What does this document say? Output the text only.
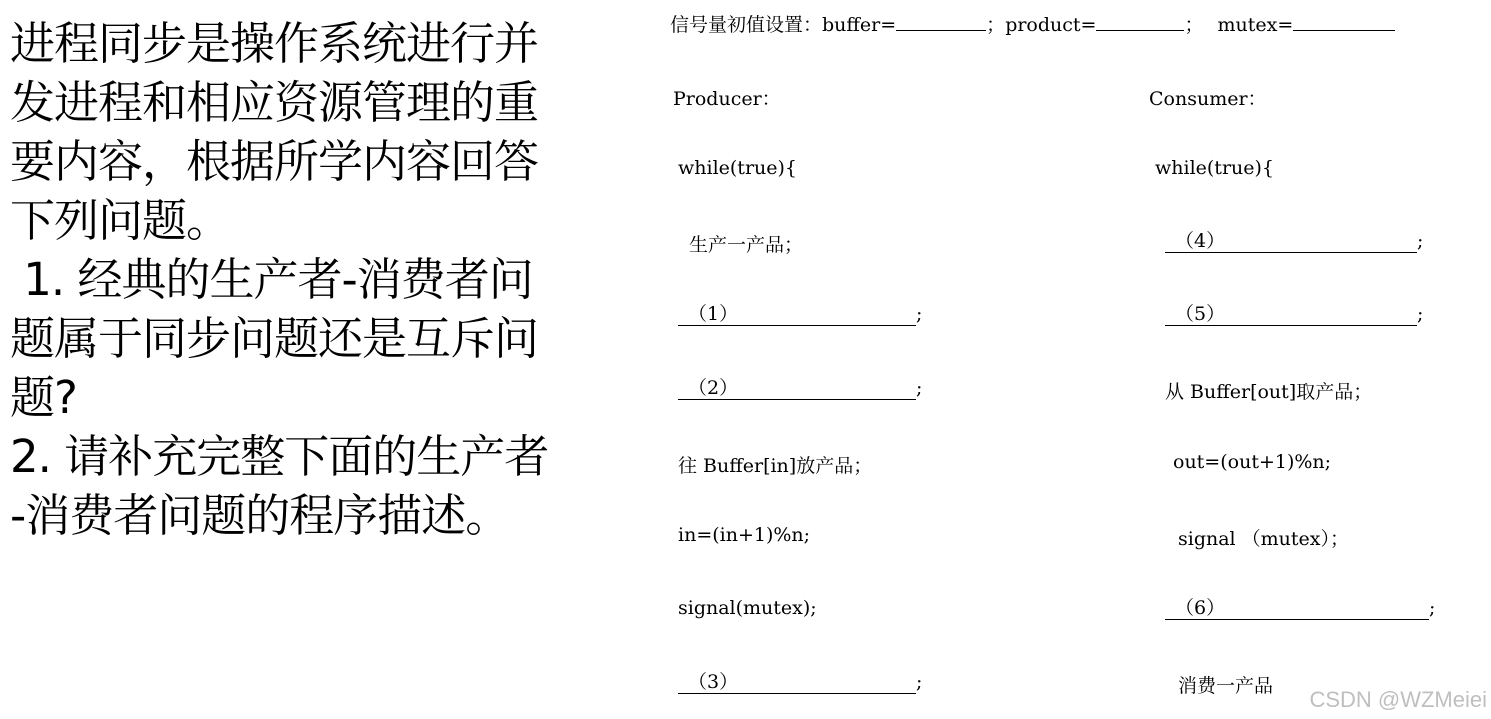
进程同步是操作系统进行并
发进程和相应资源管理的重
要内容，根据所学内容回答
下列问题。
1. 经典的生产者-消费者问
题属于同步问题还是互斥问
题?
2. 请补充完整下面的生产者
-消费者问题的程序描述。
信号量初值设置：buffer=	；product=	； mutex=
Producer：
while(true){
生产一产品；
（1）	;
（2）	;
往 Buffer[in]放产品；
in=(in+1)%n;
signal(mutex);
（3）	;
Consumer：
while(true){
（4）	;
（5）	;
从 Buffer[out]取产品；
out=(out+1)%n;
signal （mutex）；
（6）	;
消费一产品
CSDN @WZMeiei
